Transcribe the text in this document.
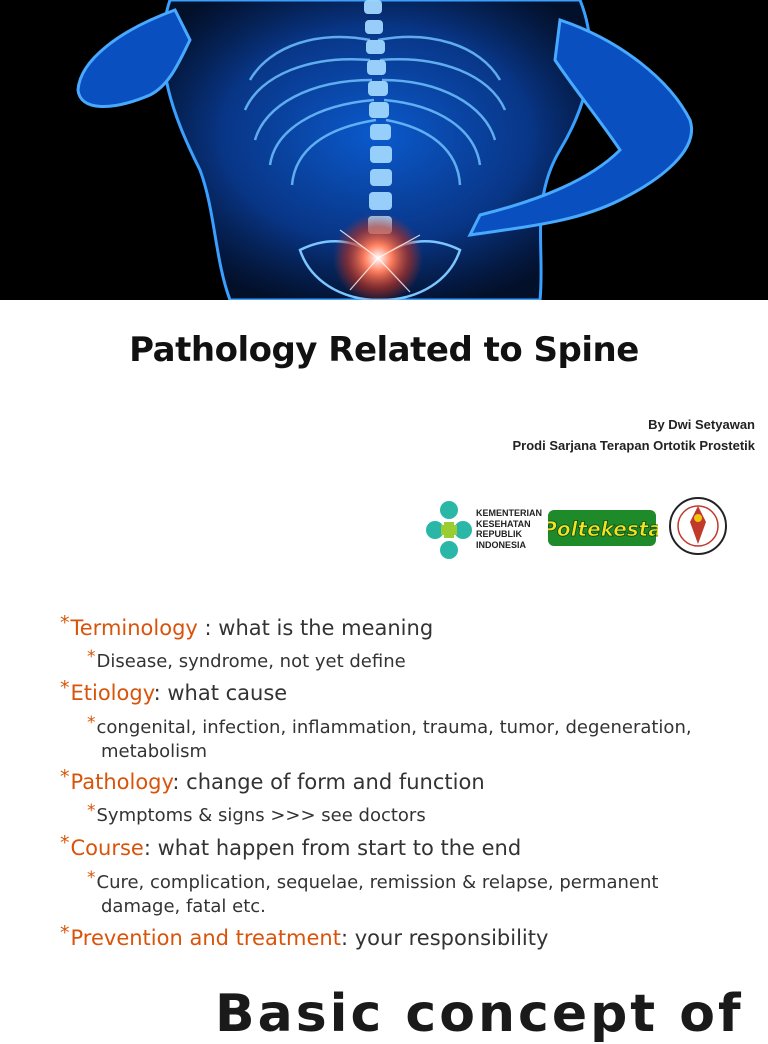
Pathology Related to Spine
By Dwi Setyawan
Prodi Sarjana Terapan Ortotik Prostetik
KEMENTERIAN
KESEHATAN
REPUBLIK
INDONESIA
Poltekesta
*Terminology : what is the meaning
*Disease, syndrome, not yet define
*Etiology: what cause
*congenital, infection, inflammation, trauma, tumor, degeneration, metabolism
*Pathology: change of form and function
*Symptoms & signs >>> see doctors
*Course: what happen from start to the end
*Cure, complication, sequelae, remission & relapse, permanent damage, fatal etc.
*Prevention and treatment: your responsibility
Basic concept of
